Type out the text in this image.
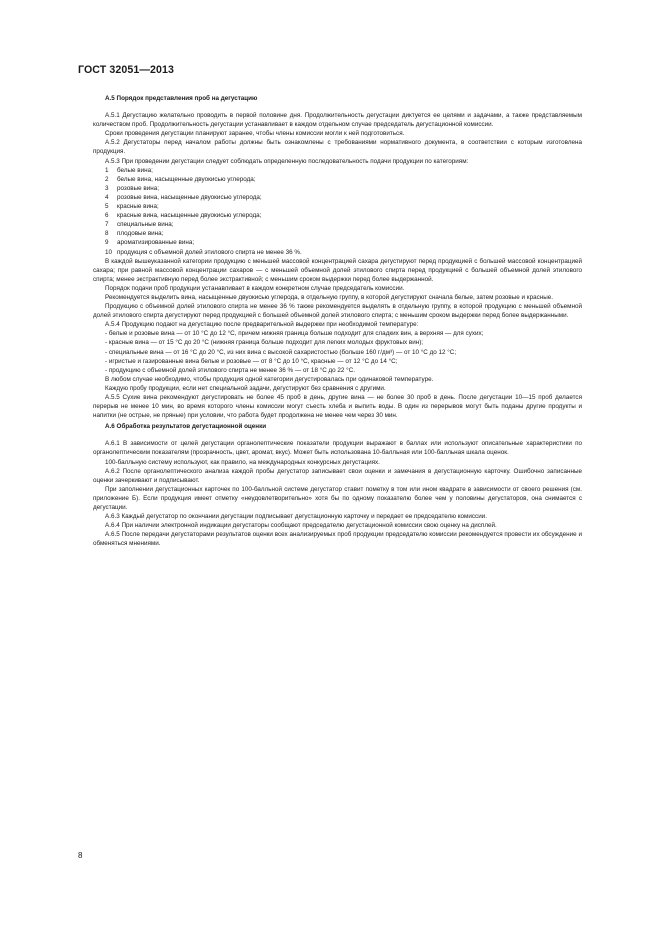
ГОСТ 32051—2013

А.5 Порядок представления проб на дегустацию

А.5.1 Дегустацию желательно проводить в первой половине дня. Продолжительность дегустации диктуется ее целями и задачами, а также представляемым количеством проб. Продолжительность дегустации устанавливает в каждом отдельном случае председатель дегустационной комиссии.

Сроки проведения дегустации планируют заранее, чтобы члены комиссии могли к ней подготовиться.

А.5.2 Дегустаторы перед началом работы должны быть ознакомлены с требованиями нормативного документа, в соответствии с которым изготовлена продукция.

А.5.3 При проведении дегустации следует соблюдать определенную последовательность подачи продукции по категориям:

1 белые вина;

2 белые вина, насыщенные двуокисью углерода;

3 розовые вина;

4 розовые вина, насыщенные двуокисью углерода;

5 красные вина;

6 красные вина, насыщенные двуокисью углерода;

7 специальные вина;

8 плодовые вина;

9 ароматизированные вина;

10 продукция с объемной долей этилового спирта не менее 36 %.

В каждой вышеуказанной категории продукцию с меньшей массовой концентрацией сахара дегустируют перед продукцией с большей массовой концентрацией сахара; при равной массовой концентрации сахаров — с меньшей объемной долей этилового спирта перед продукцией с большей объемной долей этилового спирта; менее экстрактивную перед более экстрактивной; с меньшим сроком выдержки перед более выдержанной.

Порядок подачи проб продукции устанавливает в каждом конкретном случае председатель комиссии.

Рекомендуется выделить вина, насыщенные двуокисью углерода, в отдельную группу, в которой дегустируют сначала белые, затем розовые и красные.

Продукцию с объемной долей этилового спирта не менее 36 % также рекомендуется выделять в отдельную группу, в которой продукцию с меньшей объемной долей этилового спирта дегустируют перед продукцией с большей объемной долей этилового спирта; с меньшим сроком выдержки перед более выдержанными.

А.5.4 Продукцию подают на дегустацию после предварительной выдержки при необходимой температуре:

- белые и розовые вина — от 10 °С до 12 °С, причем нижняя граница больше подходит для сладких вин, а верхняя — для сухих;

- красные вина — от 15 °С до 20 °С (нижняя граница больше подходит для легких молодых фруктовых вин);

- специальные вина — от 16 °С до 20 °С, из них вина с высокой сахаристостью (больше 160 г/дм³) — от 10 °С до 12 °С;

- игристые и газированные вина белые и розовые — от 8 °С до 10 °С, красные — от 12 °С до 14 °С;

- продукцию с объемной долей этилового спирта не менее 36 % — от 18 °С до 22 °С.

В любом случае необходимо, чтобы продукция одной категории дегустировалась при одинаковой температуре.

Каждую пробу продукции, если нет специальной задачи, дегустируют без сравнения с другими.

А.5.5 Сухие вина рекомендуют дегустировать не более 45 проб в день, другие вина — не более 30 проб в день. После дегустации 10—15 проб делается перерыв не менее 10 мин, во время которого члены комиссии могут съесть хлеба и выпить воды. В один из перерывов могут быть поданы другие продукты и напитки (не острые, не пряные) при условии, что работа будет продолжена не менее чем через 30 мин.

А.6 Обработка результатов дегустационной оценки

А.6.1 В зависимости от целей дегустации органолептические показатели продукции выражают в баллах или используют описательные характеристики по органолептическим показателям (прозрачность, цвет, аромат, вкус). Может быть использована 10-балльная или 100-балльная шкала оценок.

100-балльную систему используют, как правило, на международных конкурсных дегустациях.

А.6.2 После органолептического анализа каждой пробы дегустатор записывает свои оценки и замечания в дегустационную карточку. Ошибочно записанные оценки зачеркивают и подписывают.

При заполнении дегустационных карточек по 100-балльной системе дегустатор ставит пометку в том или ином квадрате в зависимости от своего решения (см. приложение Б). Если продукция имеет отметку «неудовлетворительно» хотя бы по одному показателю более чем у половины дегустаторов, она снимается с дегустации.

А.6.3 Каждый дегустатор по окончании дегустации подписывает дегустационную карточку и передает ее председателю комиссии.

А.6.4 При наличии электронной индикации дегустаторы сообщают председателю дегустационной комиссии свою оценку на дисплей.

А.6.5 После передачи дегустаторами результатов оценки всех анализируемых проб продукции председателю комиссии рекомендуется провести их обсуждение и обменяться мнениями.

8
